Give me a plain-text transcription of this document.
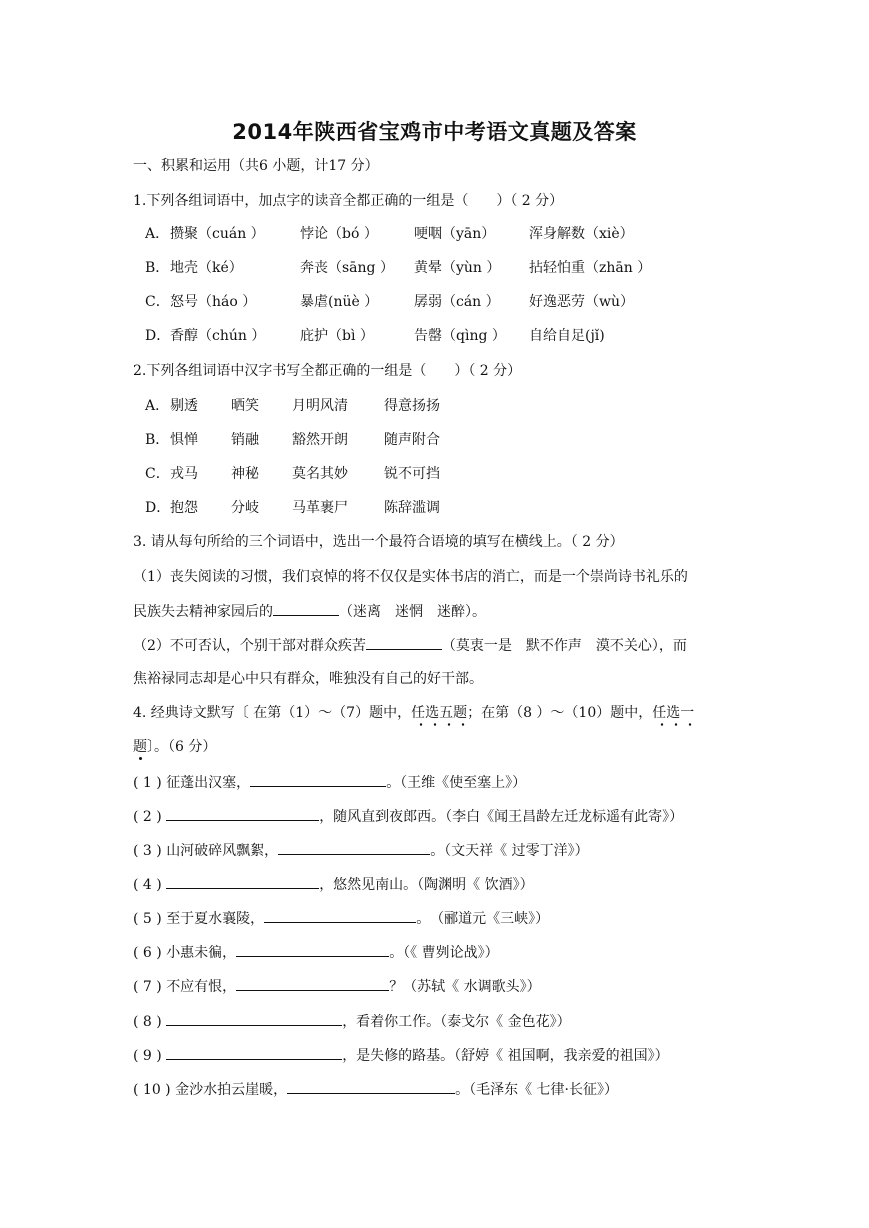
2014年陕西省宝鸡市中考语文真题及答案
一、积累和运用（共6 小题，计17 分）
1.下列各组词语中，加点字的读音全都正确的一组是（　　）（ 2 分）
A． 攒聚（cuán ）	悖论（bó ）	哽咽（yān） 浑身解数（xiè）
B． 地壳（ké）	奔丧（sāng ） 黄晕（yùn ） 拈轻怕重（zhān ）
C． 怒号（háo ）	暴虐(nüè ）	孱弱（cán ） 好逸恶劳（wù）
D． 香醇（chún ） 庇护（bì ）	告罄（qìng ） 自给自足(jǐ)
2.下列各组词语中汉字书写全都正确的一组是（　　）（ 2 分）
A． 剔透 晒笑 月明风清	得意扬扬
B． 惧惮 销融 豁然开朗	随声附合
C． 戎马 神秘 莫名其妙	锐不可挡
D． 抱怨 分岐 马革裹尸	陈辞滥调
3. 请从每句所给的三个词语中，选出一个最符合语境的填写在横线上。（ 2 分）
（1）丧失阅读的习惯，我们哀悼的将不仅仅是实体书店的消亡，而是一个崇尚诗书礼乐的
民族失去精神家园后的	（迷离　迷惘　迷醉）。
（2）不可否认，个别干部对群众疾苦	（莫衷一是　默不作声　漠不关心），而
焦裕禄同志却是心中只有群众，唯独没有自己的好干部。
4. 经典诗文默写〔 在第（1）～（7）题中，任选五题；在第（8 ）～（10）题中，任选一
题〕。（6 分）
( 1 ) 征蓬出汉塞，	。（王维《使至塞上》）
( 2 )	，随风直到夜郎西。（李白《闻王昌龄左迁龙标遥有此寄》）
( 3 ) 山河破碎风飘絮，	。（文天祥《 过零丁洋》）
( 4 )	，悠然见南山。（陶渊明《 饮酒》）
( 5 ) 至于夏水襄陵，	。　（郦道元《三峡》）
( 6 ) 小惠未徧，	。（《 曹刿论战》）
( 7 ) 不应有恨，	？（苏轼《 水调歌头》）
( 8 )	，看着你工作。（泰戈尔《 金色花》）
( 9 )	，是失修的路基。（舒婷《 祖国啊，我亲爱的祖国》）
( 10 ) 金沙水拍云崖暖，	。（毛泽东《 七律·长征》）
